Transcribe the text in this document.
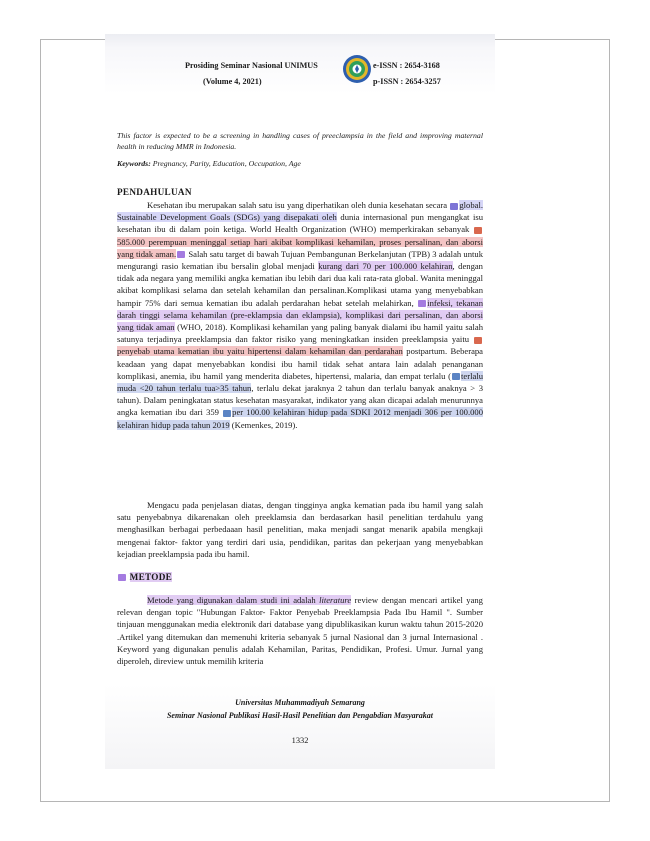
Prosiding Seminar Nasional UNIMUS
(Volume 4, 2021)
e-ISSN : 2654-3168
p-ISSN : 2654-3257
This factor is expected to be a screening in handling cases of preeclampsia in the field and improving maternal health in reducing MMR in Indonesia.
Keywords: Pregnancy, Parity, Education, Occupation, Age
PENDAHULUAN

Kesehatan ibu merupakan salah satu isu yang diperhatikan oleh dunia kesehatan secara global. Sustainable Development Goals (SDGs) yang disepakati oleh dunia internasional pun mengangkat isu kesehatan ibu di dalam poin ketiga. World Health Organization (WHO) memperkirakan sebanyak 585.000 perempuan meninggal setiap hari akibat komplikasi kehamilan, proses persalinan, dan aborsi yang tidak aman. Salah satu target di bawah Tujuan Pembangunan Berkelanjutan (TPB) 3 adalah untuk mengurangi rasio kematian ibu bersalin global menjadi kurang dari 70 per 100.000 kelahiran, dengan tidak ada negara yang memiliki angka kematian ibu lebih dari dua kali rata-rata global. Wanita meninggal akibat komplikasi selama dan setelah kehamilan dan persalinan.Komplikasi utama yang menyebabkan hampir 75% dari semua kematian ibu adalah perdarahan hebat setelah melahirkan, infeksi, tekanan darah tinggi selama kehamilan (pre-eklampsia dan eklampsia), komplikasi dari persalinan, dan aborsi yang tidak aman (WHO, 2018). Komplikasi kehamilan yang paling banyak dialami ibu hamil yaitu salah satunya terjadinya preeklampsia dan faktor risiko yang meningkatkan insiden preeklampsia yaitu penyebab utama kematian ibu yaitu hipertensi dalam kehamilan dan perdarahan postpartum. Beberapa keadaan yang dapat menyebabkan kondisi ibu hamil tidak sehat antara lain adalah penanganan komplikasi, anemia, ibu hamil yang menderita diabetes, hipertensi, malaria, dan empat terlalu ( terlalu muda <20 tahun terlalu tua>35 tahun, terlalu dekat jaraknya 2 tahun dan terlalu banyak anaknya > 3 tahun). Dalam peningkatan status kesehatan masyarakat, indikator yang akan dicapai adalah menurunnya angka kematian ibu dari 359 per 100.00 kelahiran hidup pada SDKI 2012 menjadi 306 per 100.000 kelahiran hidup pada tahun 2019 (Kemenkes, 2019).

Mengacu pada penjelasan diatas, dengan tingginya angka kematian pada ibu hamil yang salah satu penyebabnya dikarenakan oleh preeklamsia dan berdasarkan hasil penelitian terdahulu yang menghasilkan berbagai perbedaaan hasil penelitian, maka menjadi sangat menarik apabila mengkaji mengenai faktor- faktor yang terdiri dari usia, pendidikan, paritas dan pekerjaan yang menyebabkan kejadian preeklampsia pada ibu hamil.

METODE

Metode yang digunakan dalam studi ini adalah literature review dengan mencari artikel yang relevan dengan topic "Hubungan Faktor- Faktor Penyebab Preeklampsia Pada Ibu Hamil ". Sumber tinjauan menggunakan media elektronik dari database yang dipublikasikan kurun waktu tahun 2015-2020 .Artikel yang ditemukan dan memenuhi kriteria sebanyak 5 jurnal Nasional dan 3 jurnal Internasional . Keyword yang digunakan penulis adalah Kehamilan, Paritas, Pendidikan, Profesi. Umur. Jurnal yang diperoleh, direview untuk memilih kriteria

Universitas Muhammadiyah Semarang
Seminar Nasional Publikasi Hasil-Hasil Penelitian dan Pengabdian Masyarakat
1332
